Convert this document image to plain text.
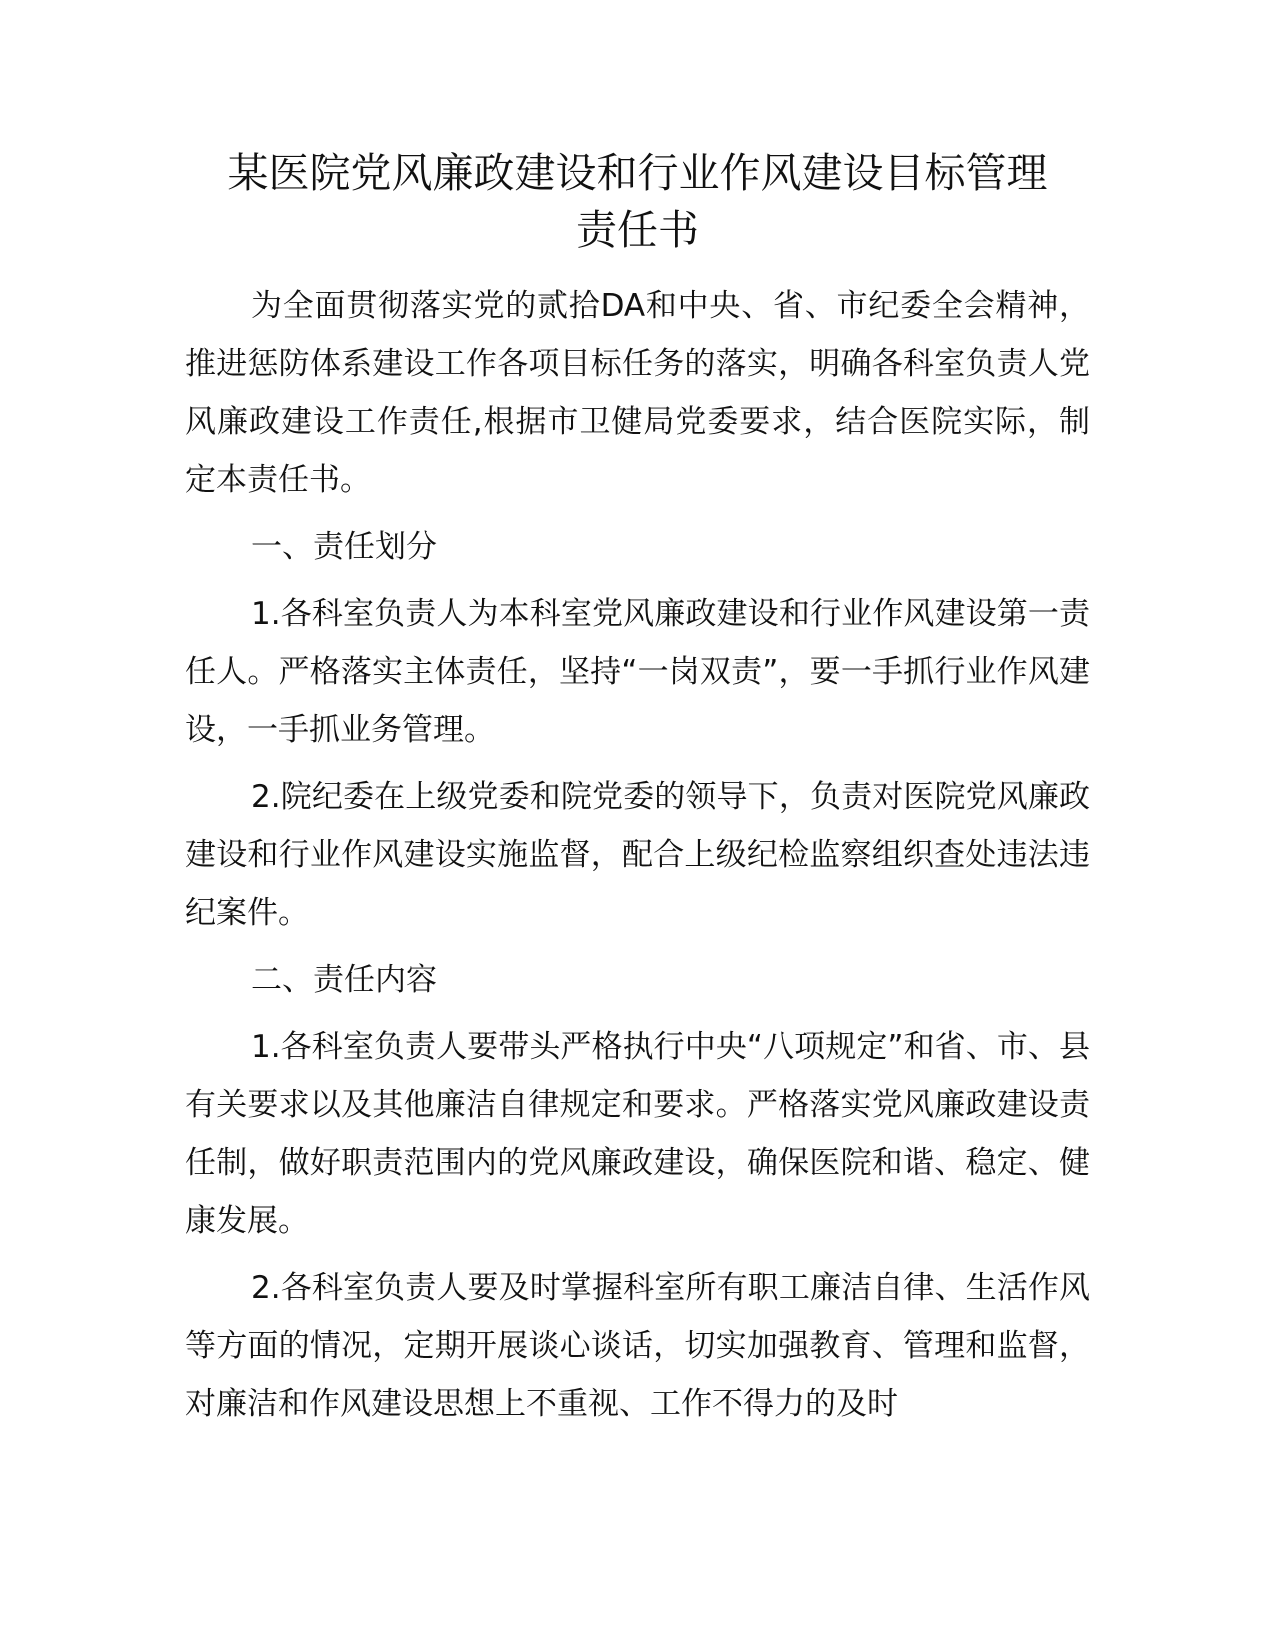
某医院党风廉政建设和行业作风建设目标管理
责任书

为全面贯彻落实党的贰拾DA和中央、省、市纪委全会精神，推进惩防体系建设工作各项目标任务的落实，明确各科室负责人党风廉政建设工作责任,根据市卫健局党委要求，结合医院实际，制定本责任书。

一、责任划分

1.各科室负责人为本科室党风廉政建设和行业作风建设第一责任人。严格落实主体责任，坚持“一岗双责”，要一手抓行业作风建设，一手抓业务管理。

2.院纪委在上级党委和院党委的领导下，负责对医院党风廉政建设和行业作风建设实施监督，配合上级纪检监察组织查处违法违纪案件。

二、责任内容

1.各科室负责人要带头严格执行中央“八项规定”和省、市、县有关要求以及其他廉洁自律规定和要求。严格落实党风廉政建设责任制，做好职责范围内的党风廉政建设，确保医院和谐、稳定、健康发展。

2.各科室负责人要及时掌握科室所有职工廉洁自律、生活作风等方面的情况，定期开展谈心谈话，切实加强教育、管理和监督，对廉洁和作风建设思想上不重视、工作不得力的及时
